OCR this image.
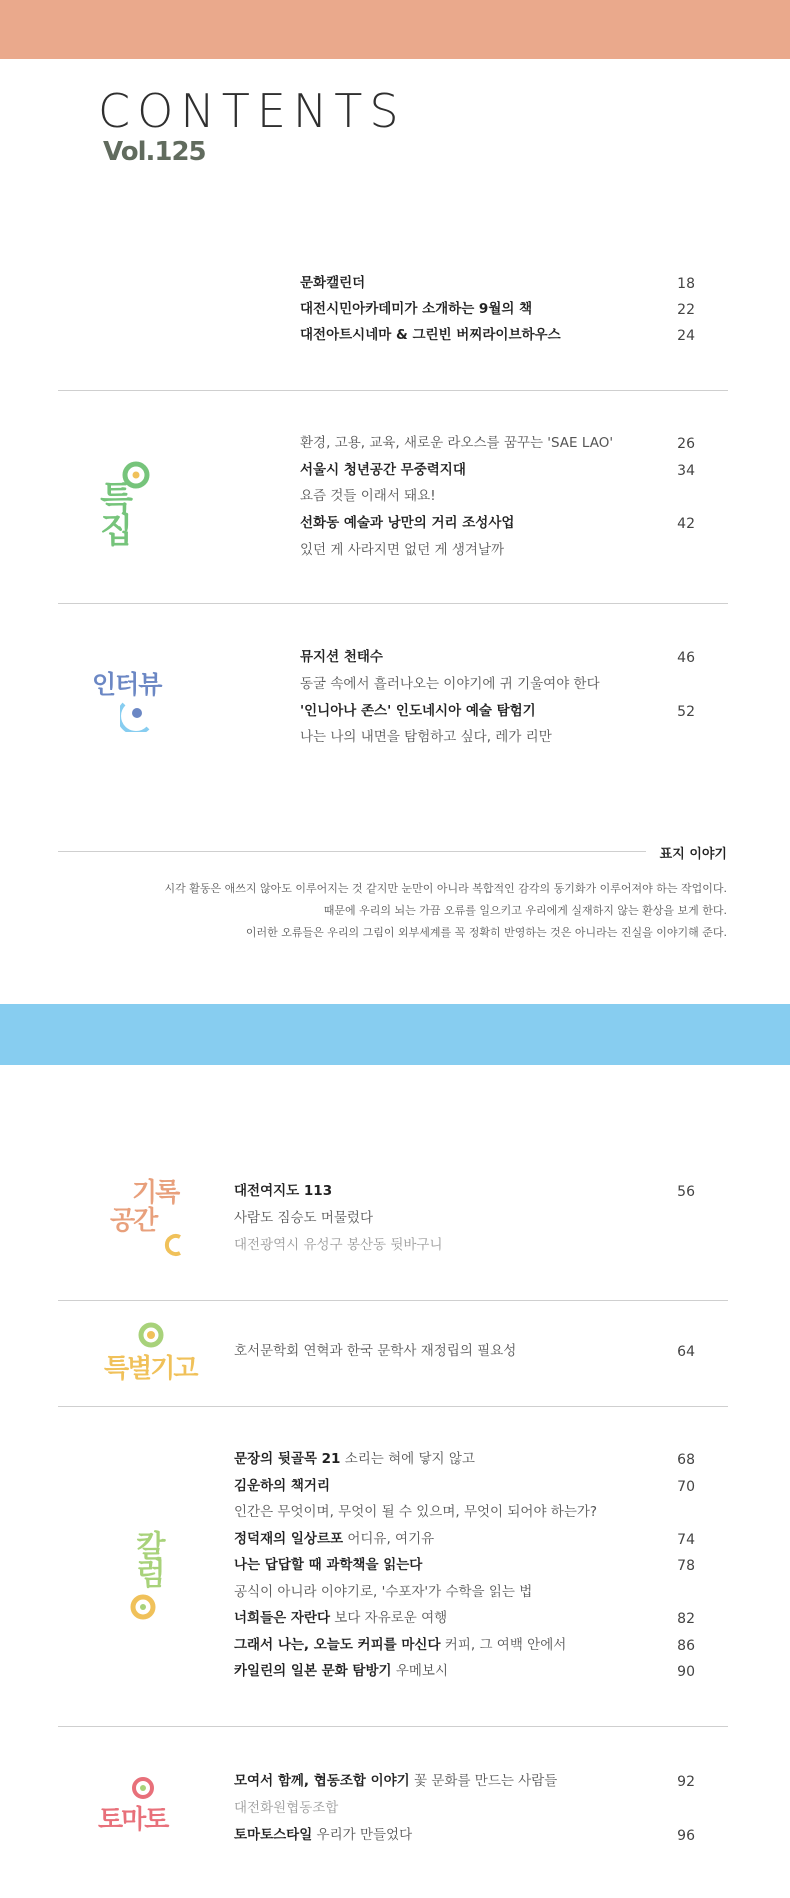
CONTENTS
Vol.125
문화캘린더	18
대전시민아카데미가 소개하는 9월의 책	22
대전아트시네마 & 그린빈 버찌라이브하우스	24
특집
환경, 고용, 교육, 새로운 라오스를 꿈꾸는 'SAE LAO'	26
서울시 청년공간 무중력지대	34
요즘 것들 이래서 돼요!
선화동 예술과 낭만의 거리 조성사업	42
있던 게 사라지면 없던 게 생겨날까
인터뷰
뮤지션 천태수	46
동굴 속에서 흘러나오는 이야기에 귀 기울여야 한다
'인니아나 존스' 인도네시아 예술 탐험기	52
나는 나의 내면을 탐험하고 싶다, 레가 리만
표지 이야기
시각 활동은 애쓰지 않아도 이루어지는 것 같지만 눈만이 아니라 복합적인 감각의 동기화가 이루어져야 하는 작업이다.
때문에 우리의 뇌는 가끔 오류를 일으키고 우리에게 실재하지 않는 환상을 보게 한다.
이러한 오류들은 우리의 그림이 외부세계를 꼭 정확히 반영하는 것은 아니라는 진실을 이야기해 준다.
기록
공간
대전여지도 113	56
사람도 짐승도 머물렀다
대전광역시 유성구 봉산동 뒷바구니
특별기고
호서문학회 연혁과 한국 문학사 재정립의 필요성	64
칼럼
문장의 뒷골목 21 소리는 혀에 닿지 않고	68
김운하의 책거리	70
인간은 무엇이며, 무엇이 될 수 있으며, 무엇이 되어야 하는가?
정덕재의 일상르포 어디유, 여기유	74
나는 답답할 때 과학책을 읽는다	78
공식이 아니라 이야기로, '수포자'가 수학을 읽는 법
너희들은 자란다 보다 자유로운 여행	82
그래서 나는, 오늘도 커피를 마신다 커피, 그 여백 안에서	86
카일린의 일본 문화 탐방기 우메보시	90
토마토
모여서 함께, 협동조합 이야기 꽃 문화를 만드는 사람들	92
대전화원협동조합
토마토스타일 우리가 만들었다	96
